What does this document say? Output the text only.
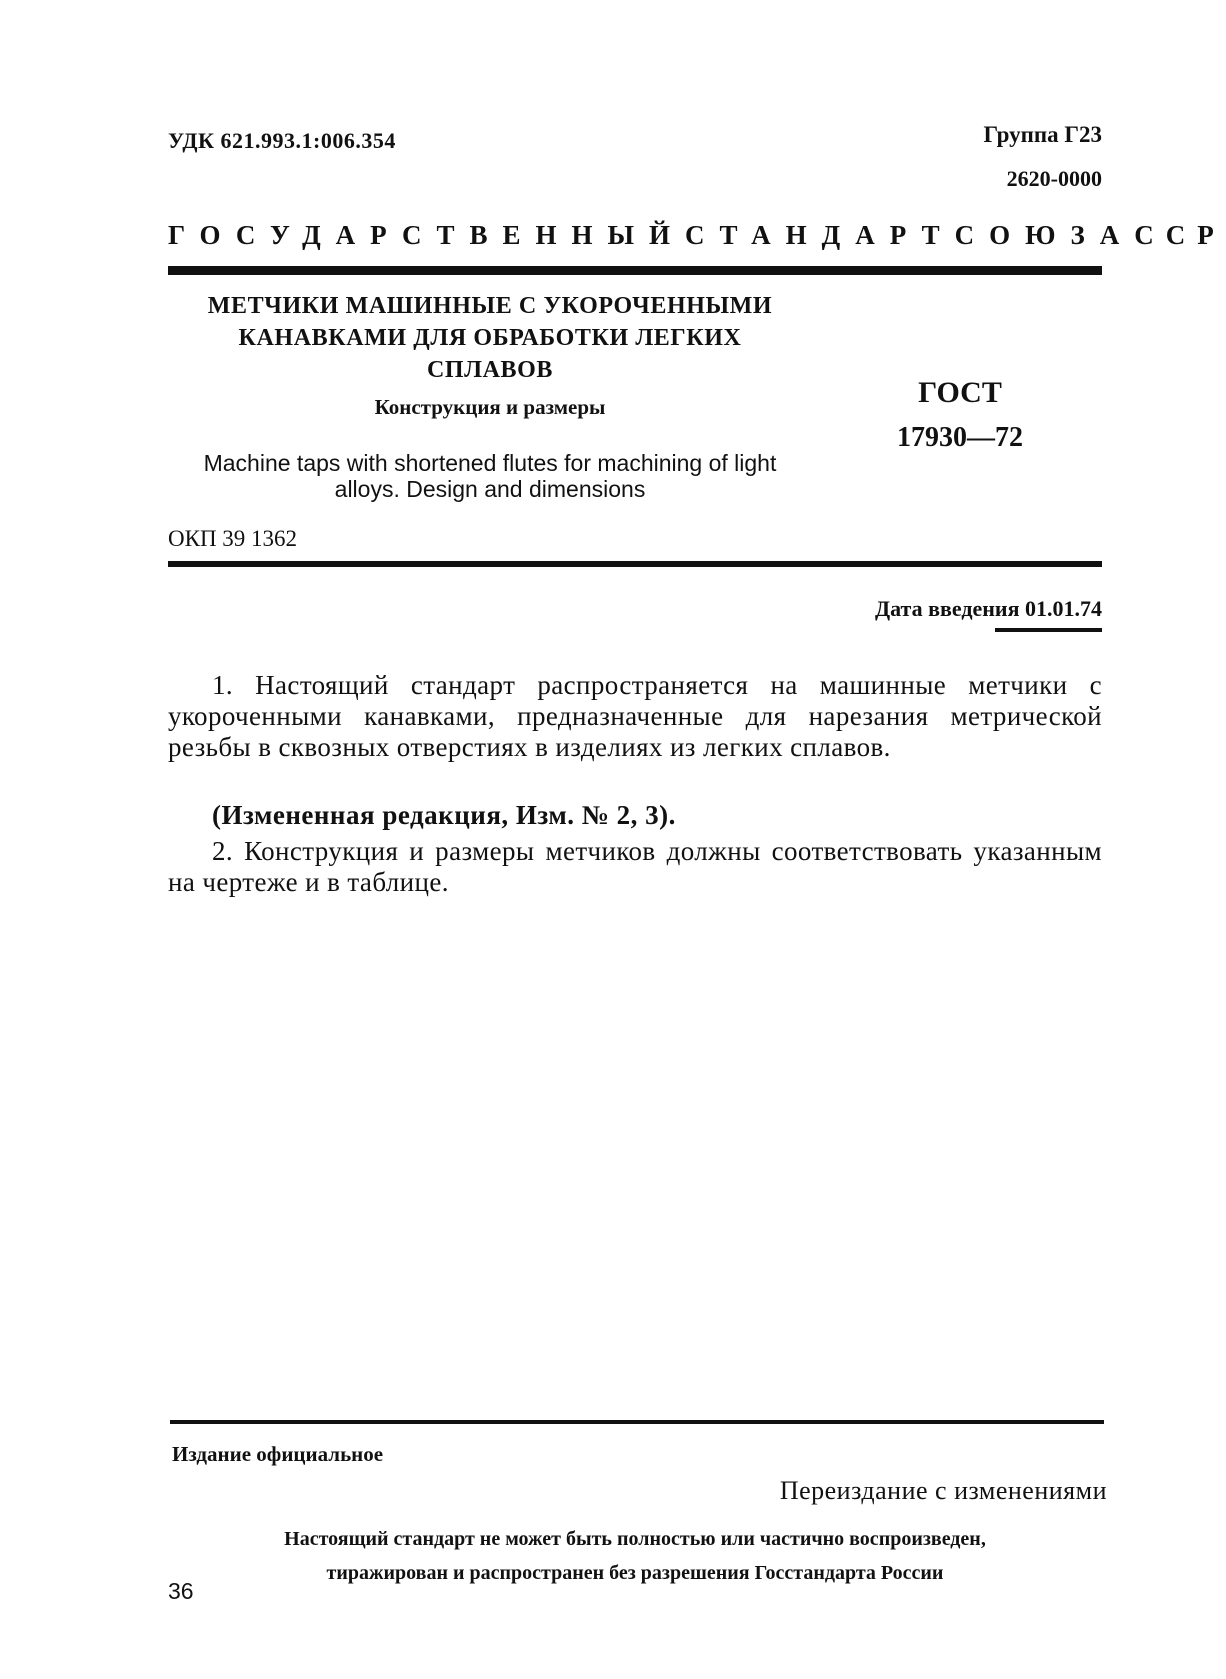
УДК 621.993.1:006.354	Группа Г23
2620-0000
ГОСУДАРСТВЕННЫЙ СТАНДАРТ СОЮЗА ССР
МЕТЧИКИ МАШИННЫЕ С УКОРОЧЕННЫМИ КАНАВКАМИ ДЛЯ ОБРАБОТКИ ЛЕГКИХ СПЛАВОВ
Конструкция и размеры
Machine taps with shortened flutes for machining of light alloys. Design and dimensions
ГОСТ
17930—72
ОКП 39 1362
Дата введения 01.01.74
1. Настоящий стандарт распространяется на машинные метчики с укороченными канавками, предназначенные для нарезания метрической резьбы в сквозных отверстиях в изделиях из легких сплавов.
(Измененная редакция, Изм. № 2, 3).
2. Конструкция и размеры метчиков должны соответствовать указанным на чертеже и в таблице.
Издание официальное
Переиздание с изменениями
Настоящий стандарт не может быть полностью или частично воспроизведен,
тиражирован и распространен без разрешения Госстандарта России
36
